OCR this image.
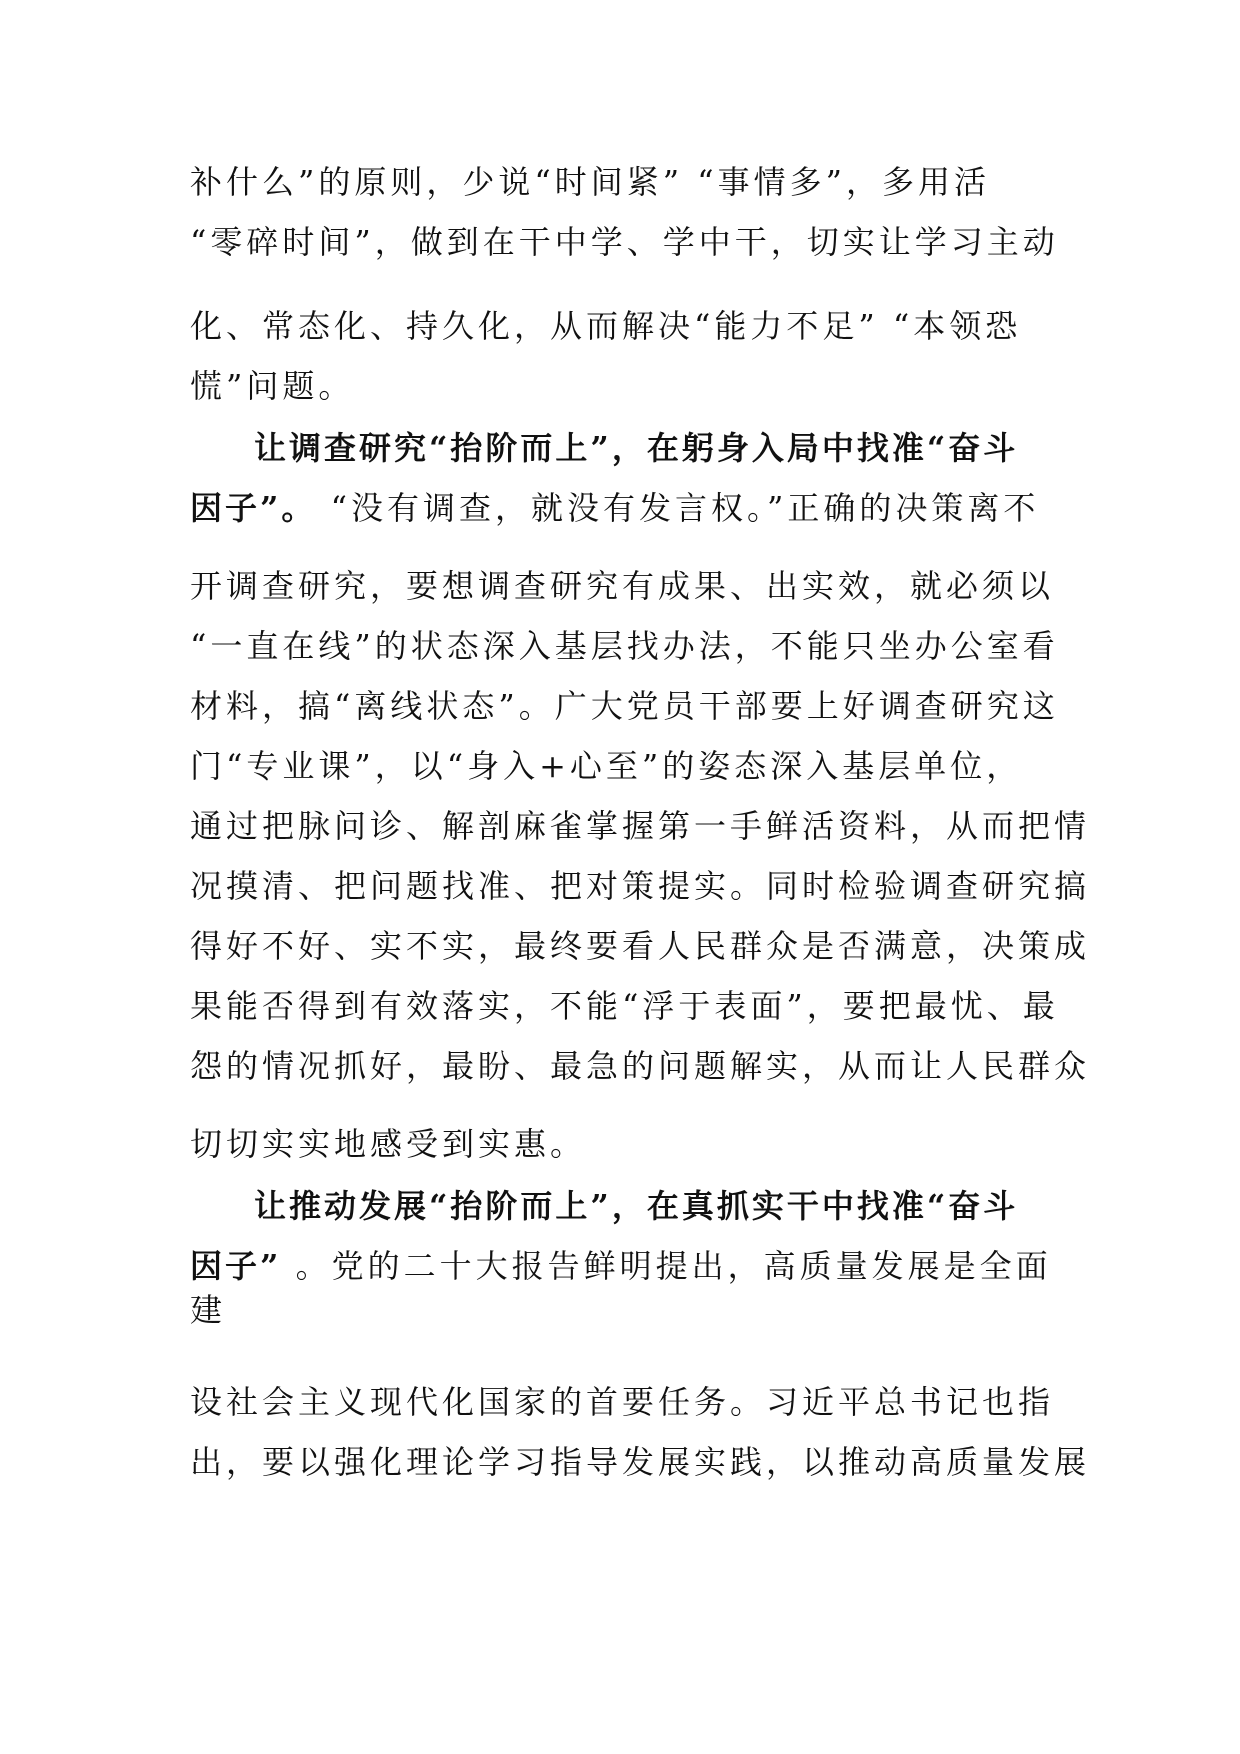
补什么”的原则，少说“时间紧” “事情多”，多用活
“零碎时间”，做到在干中学、学中干，切实让学习主动
化、常态化、持久化，从而解决“能力不足” “本领恐
慌”问题。
让调查研究“抬阶而上”，在躬身入局中找准“奋斗
因子”。 “没有调查，就没有发言权。”正确的决策离不
开调查研究，要想调查研究有成果、出实效，就必须以
“一直在线”的状态深入基层找办法，不能只坐办公室看
材料，搞“离线状态”。广大党员干部要上好调查研究这
门“专业课”，以“身入+心至”的姿态深入基层单位，
通过把脉问诊、解剖麻雀掌握第一手鲜活资料，从而把情
况摸清、把问题找准、把对策提实。同时检验调查研究搞
得好不好、实不实，最终要看人民群众是否满意，决策成
果能否得到有效落实，不能“浮于表面”，要把最忧、最
怨的情况抓好，最盼、最急的问题解实，从而让人民群众
切切实实地感受到实惠。
让推动发展“抬阶而上”，在真抓实干中找准“奋斗
因子” 。党的二十大报告鲜明提出，高质量发展是全面
建
设社会主义现代化国家的首要任务。习近平总书记也指
出，要以强化理论学习指导发展实践，以推动高质量发展
